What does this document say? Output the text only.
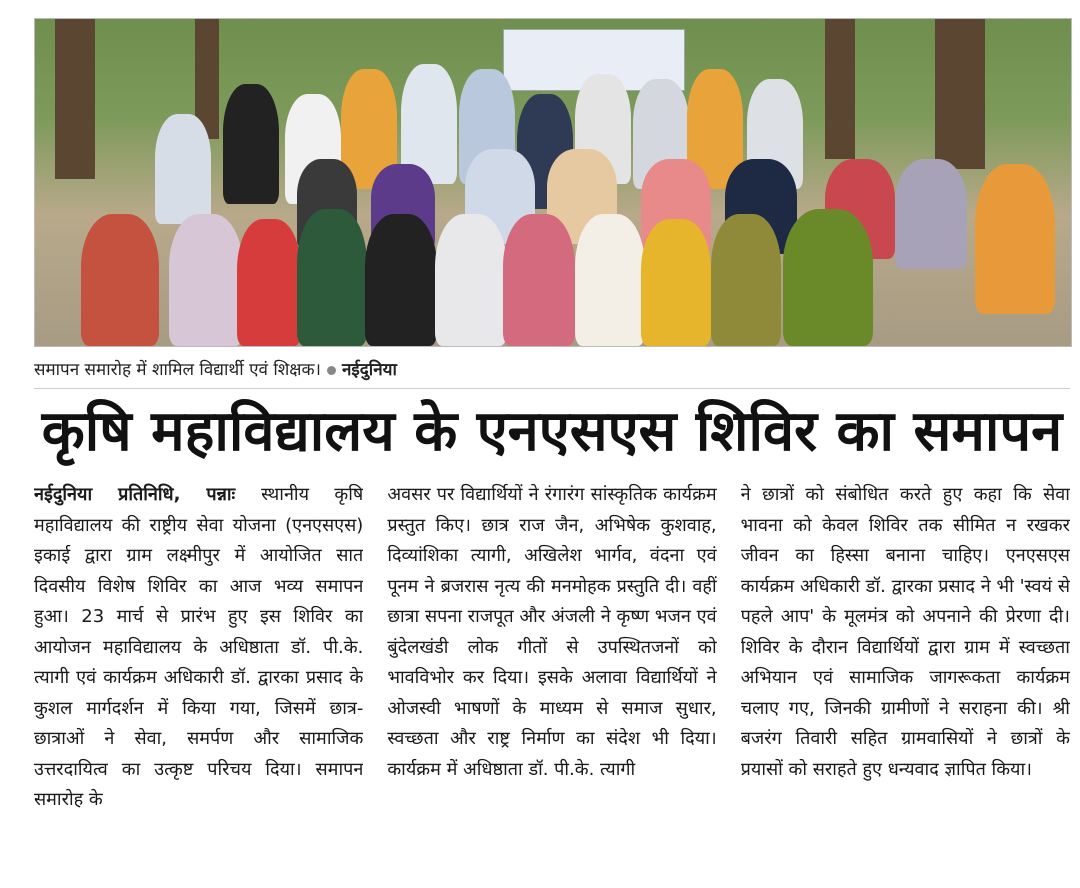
समापन समारोह में शामिल विद्यार्थी एवं शिक्षक। नईदुनिया
कृषि महाविद्यालय के एनएसएस शिविर का समापन
नईदुनिया प्रतिनिधि, पन्नाः स्थानीय कृषि महाविद्यालय की राष्ट्रीय सेवा योजना (एनएसएस) इकाई द्वारा ग्राम लक्ष्मीपुर में आयोजित सात दिवसीय विशेष शिविर का आज भव्य समापन हुआ। 23 मार्च से प्रारंभ हुए इस शिविर का आयोजन महाविद्यालय के अधिष्ठाता डॉ. पी.के. त्यागी एवं कार्यक्रम अधिकारी डॉ. द्वारका प्रसाद के कुशल मार्गदर्शन में किया गया, जिसमें छात्र-छात्राओं ने सेवा, समर्पण और सामाजिक उत्तरदायित्व का उत्कृष्ट परिचय दिया। समापन समारोह के
अवसर पर विद्यार्थियों ने रंगारंग सांस्कृतिक कार्यक्रम प्रस्तुत किए। छात्र राज जैन, अभिषेक कुशवाह, दिव्यांशिका त्यागी, अखिलेश भार्गव, वंदना एवं पूनम ने ब्रजरास नृत्य की मनमोहक प्रस्तुति दी। वहीं छात्रा सपना राजपूत और अंजली ने कृष्ण भजन एवं बुंदेलखंडी लोक गीतों से उपस्थितजनों को भावविभोर कर दिया। इसके अलावा विद्यार्थियों ने ओजस्वी भाषणों के माध्यम से समाज सुधार, स्वच्छता और राष्ट्र निर्माण का संदेश भी दिया। कार्यक्रम में अधिष्ठाता डॉ. पी.के. त्यागी
ने छात्रों को संबोधित करते हुए कहा कि सेवा भावना को केवल शिविर तक सीमित न रखकर जीवन का हिस्सा बनाना चाहिए। एनएसएस कार्यक्रम अधिकारी डॉ. द्वारका प्रसाद ने भी 'स्वयं से पहले आप' के मूलमंत्र को अपनाने की प्रेरणा दी। शिविर के दौरान विद्यार्थियों द्वारा ग्राम में स्वच्छता अभियान एवं सामाजिक जागरूकता कार्यक्रम चलाए गए, जिनकी ग्रामीणों ने सराहना की। श्री बजरंग तिवारी सहित ग्रामवासियों ने छात्रों के प्रयासों को सराहते हुए धन्यवाद ज्ञापित किया।
